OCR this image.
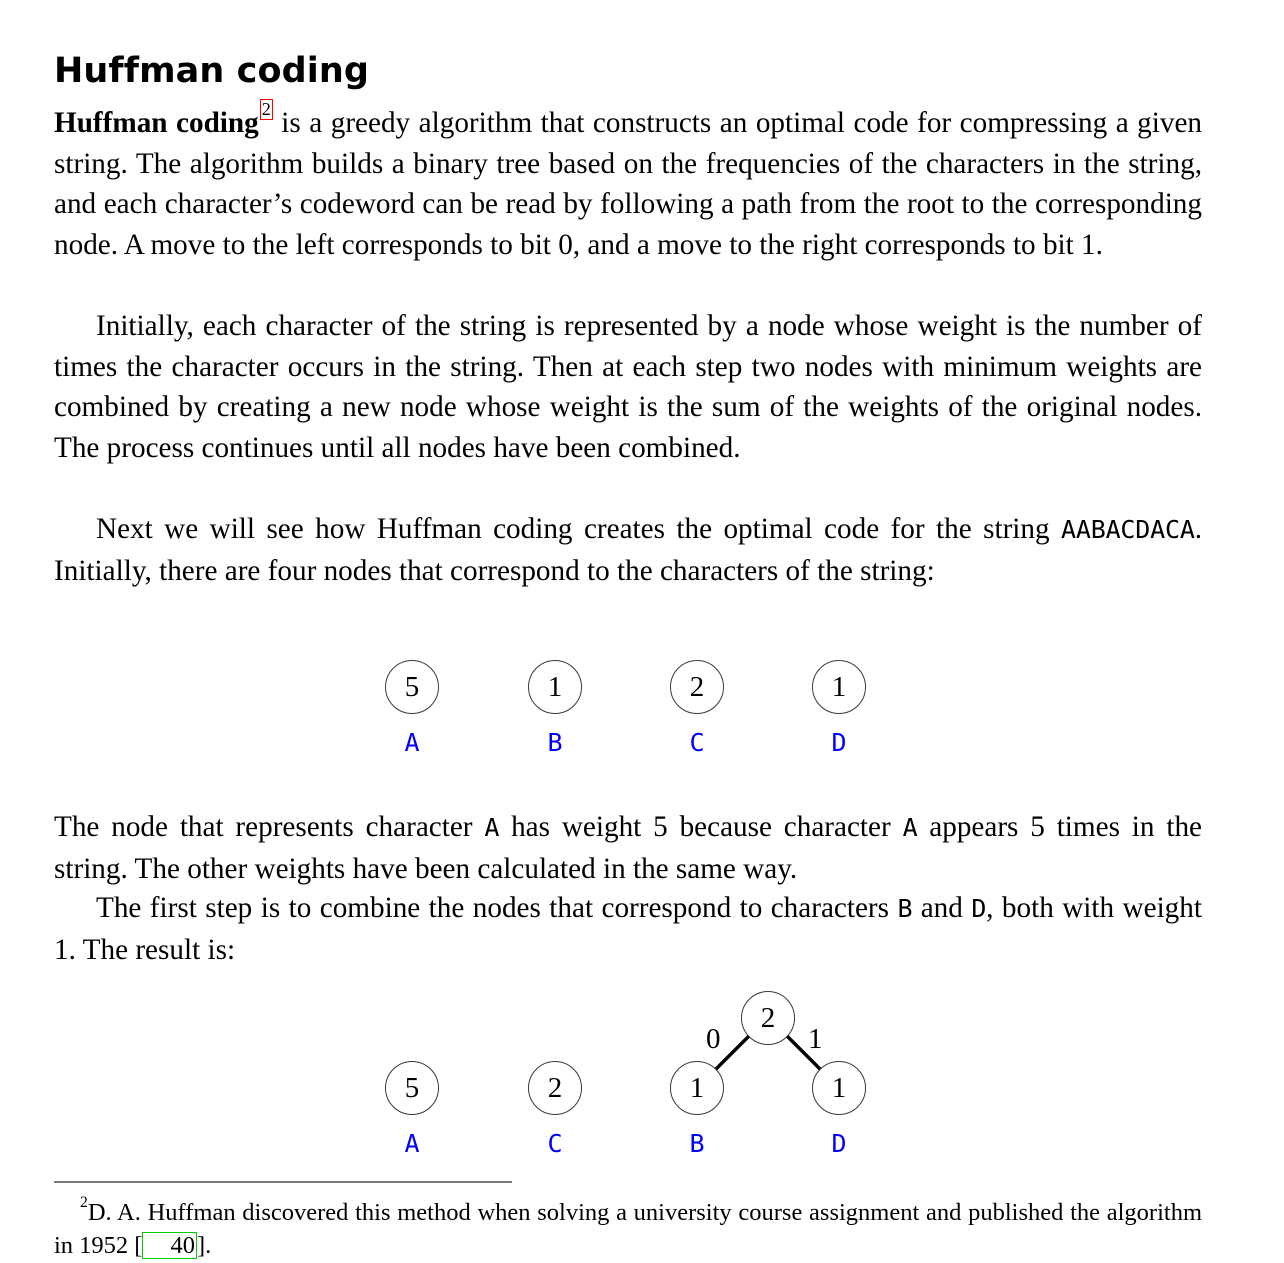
Huffman coding

Huffman coding $^2$ is a greedy algorithm that constructs an optimal code for compressing a given string. The algorithm builds a binary tree based on the frequencies of the characters in the string, and each character’s codeword can be read by following a path from the root to the corresponding node. A move to the left corresponds to bit 0, and a move to the right corresponds to bit 1.

Initially, each character of the string is represented by a node whose weight is the number of times the character occurs in the string. Then at each step two nodes with minimum weights are combined by creating a new node whose weight is the sum of the weights of the original nodes. The process continues until all nodes have been combined.

Next we will see how Huffman coding creates the optimal code for the string AABACDACA. Initially, there are four nodes that correspond to the characters of the string:

5
A
1
B
2
C
1
D

The node that represents character A has weight 5 because character A appears 5 times in the string. The other weights have been calculated in the same way.

The first step is to combine the nodes that correspond to characters B and D, both with weight 1. The result is:

5
A
2
C
2
0	1
1
B
1
D

$^2$D. A. Huffman discovered this method when solving a university course assignment and published the algorithm in 1952 [ 40].
